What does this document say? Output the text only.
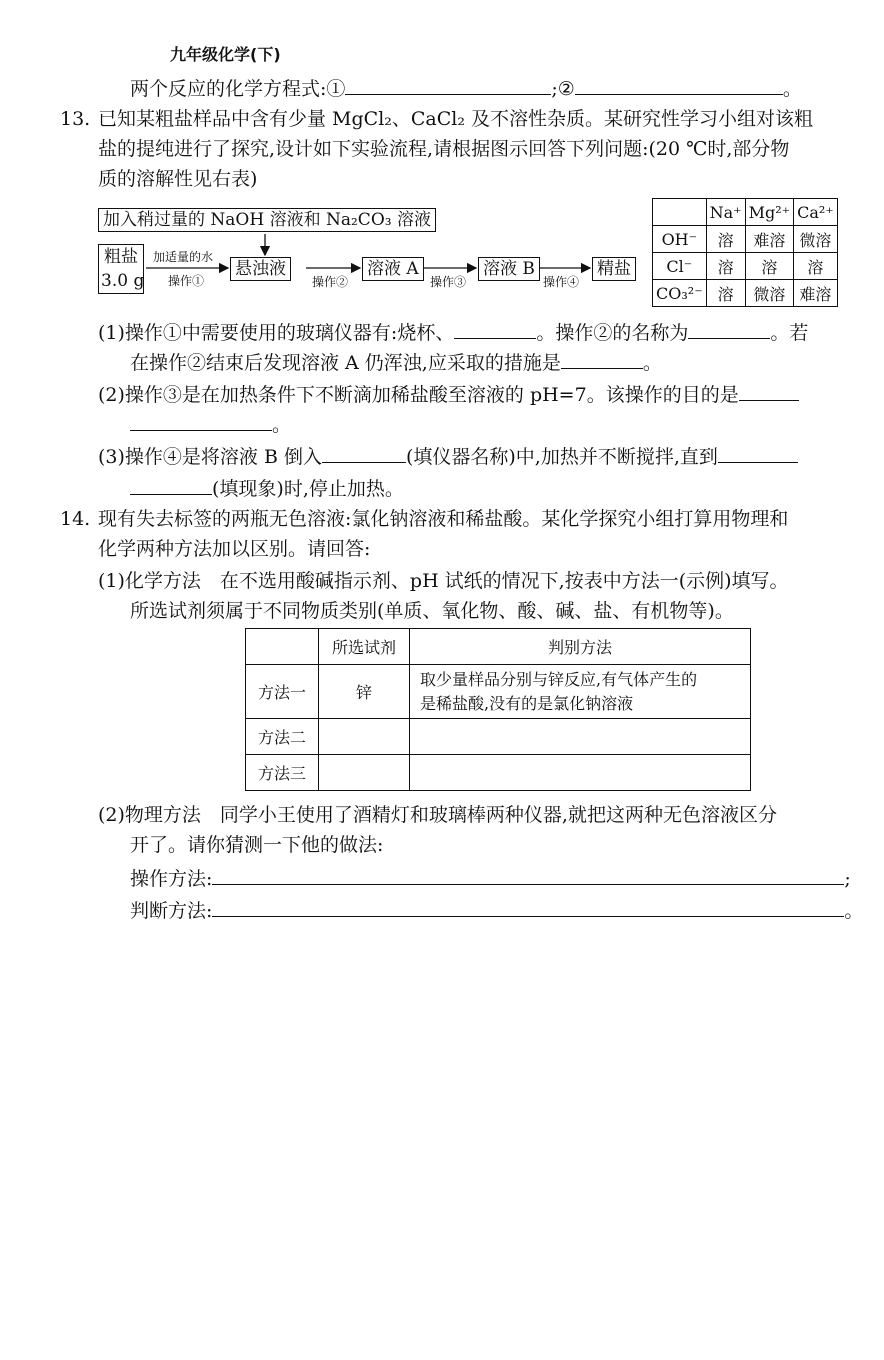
九年级化学(下)
两个反应的化学方程式:①	;②	。
13. 已知某粗盐样品中含有少量 MgCl₂、CaCl₂ 及不溶性杂质。某研究性学习小组对该粗
盐的提纯进行了探究,设计如下实验流程,请根据图示回答下列问题:(20 ℃时,部分物
质的溶解性见右表)
加入稍过量的 NaOH 溶液和 Na₂CO₃ 溶液
粗盐
3.0 g
加适量的水
操作①
悬浊液
操作②
溶液 A
操作③
溶液 B
操作④
精盐
	Na⁺	Mg²⁺	Ca²⁺
OH⁻	溶	难溶	微溶
Cl⁻	溶	溶	溶
CO₃²⁻	溶	微溶	难溶
(1)操作①中需要使用的玻璃仪器有:烧杯、	。操作②的名称为	。若
在操作②结束后发现溶液 A 仍浑浊,应采取的措施是	。
(2)操作③是在加热条件下不断滴加稀盐酸至溶液的 pH=7。该操作的目的是
。
(3)操作④是将溶液 B 倒入	(填仪器名称)中,加热并不断搅拌,直到
(填现象)时,停止加热。
14. 现有失去标签的两瓶无色溶液:氯化钠溶液和稀盐酸。某化学探究小组打算用物理和
化学两种方法加以区别。请回答:
(1)化学方法　在不选用酸碱指示剂、pH 试纸的情况下,按表中方法一(示例)填写。
所选试剂须属于不同物质类别(单质、氧化物、酸、碱、盐、有机物等)。
	所选试剂	判别方法
方法一	锌	取少量样品分别与锌反应,有气体产生的
是稀盐酸,没有的是氯化钠溶液

方法二		
方法三		
(2)物理方法　同学小王使用了酒精灯和玻璃棒两种仪器,就把这两种无色溶液区分
开了。请你猜测一下他的做法:
操作方法:	;
判断方法:	。
